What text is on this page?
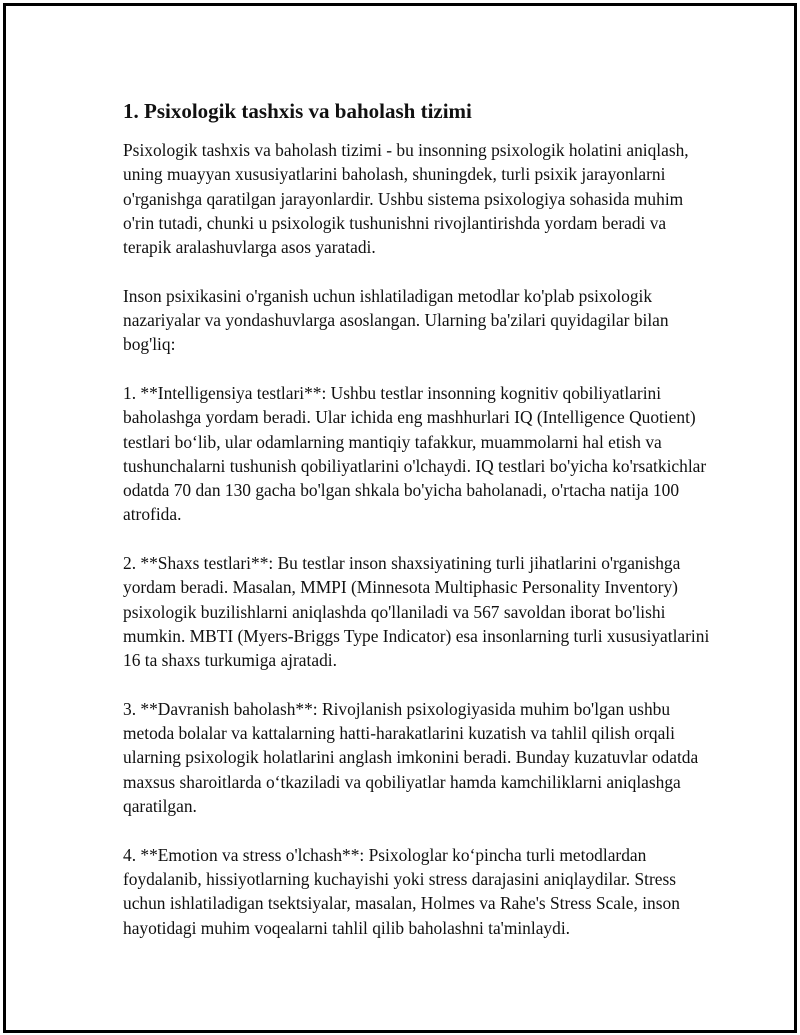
1. Psixologik tashxis va baholash tizimi

Psixologik tashxis va baholash tizimi - bu insonning psixologik holatini aniqlash, uning muayyan xususiyatlarini baholash, shuningdek, turli psixik jarayonlarni o'rganishga qaratilgan jarayonlardir. Ushbu sistema psixologiya sohasida muhim o'rin tutadi, chunki u psixologik tushunishni rivojlantirishda yordam beradi va terapik aralashuvlarga asos yaratadi.

Inson psixikasini o'rganish uchun ishlatiladigan metodlar ko'plab psixologik nazariyalar va yondashuvlarga asoslangan. Ularning ba'zilari quyidagilar bilan bog'liq:

1. **Intelligensiya testlari**: Ushbu testlar insonning kognitiv qobiliyatlarini baholashga yordam beradi. Ular ichida eng mashhurlari IQ (Intelligence Quotient) testlari bo‘lib, ular odamlarning mantiqiy tafakkur, muammolarni hal etish va tushunchalarni tushunish qobiliyatlarini o'lchaydi. IQ testlari bo'yicha ko'rsatkichlar odatda 70 dan 130 gacha bo'lgan shkala bo'yicha baholanadi, o'rtacha natija 100 atrofida.

2. **Shaxs testlari**: Bu testlar inson shaxsiyatining turli jihatlarini o'rganishga yordam beradi. Masalan, MMPI (Minnesota Multiphasic Personality Inventory) psixologik buzilishlarni aniqlashda qo'llaniladi va 567 savoldan iborat bo'lishi mumkin. MBTI (Myers-Briggs Type Indicator) esa insonlarning turli xususiyatlarini 16 ta shaxs turkumiga ajratadi.

3. **Davranish baholash**: Rivojlanish psixologiyasida muhim bo'lgan ushbu metoda bolalar va kattalarning hatti-harakatlarini kuzatish va tahlil qilish orqali ularning psixologik holatlarini anglash imkonini beradi. Bunday kuzatuvlar odatda maxsus sharoitlarda o‘tkaziladi va qobiliyatlar hamda kamchiliklarni aniqlashga qaratilgan.

4. **Emotion va stress o'lchash**: Psixologlar ko‘pincha turli metodlardan foydalanib, hissiyotlarning kuchayishi yoki stress darajasini aniqlaydilar. Stress uchun ishlatiladigan tsektsiyalar, masalan, Holmes va Rahe's Stress Scale, inson hayotidagi muhim voqealarni tahlil qilib baholashni ta'minlaydi.
